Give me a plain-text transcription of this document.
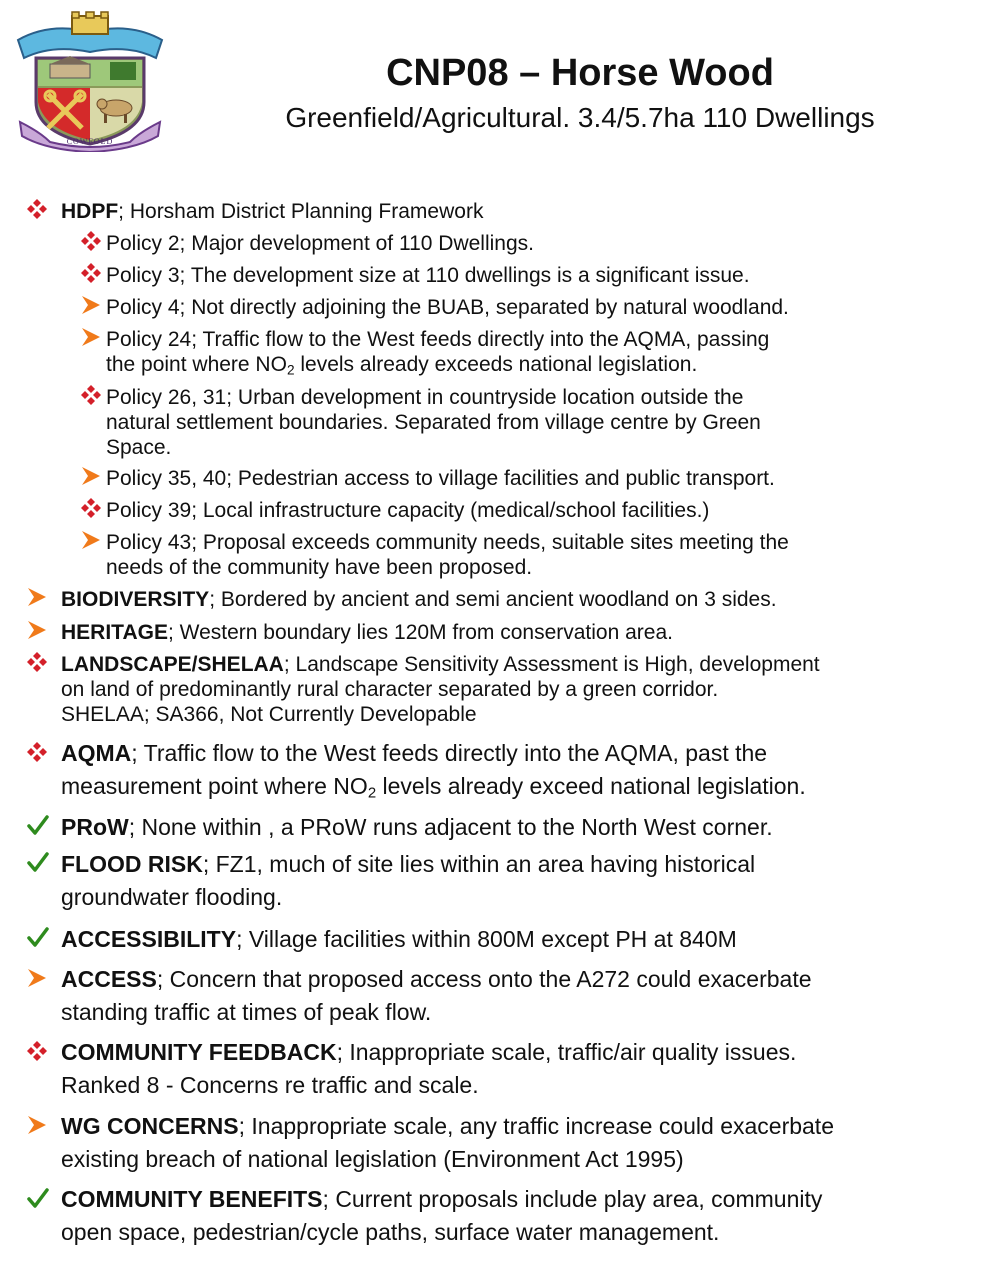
COWFOLD
CNP08 – Horse Wood
Greenfield/Agricultural. 3.4/5.7ha 110 Dwellings
HDPF; Horsham District Planning Framework
Policy 2; Major development of 110 Dwellings.
Policy 3; The development size at 110 dwellings is a significant issue.
Policy 4; Not directly adjoining the BUAB, separated by natural woodland.
Policy 24; Traffic flow to the West feeds directly into the AQMA, passing
the point where $NO_2$ levels already exceeds national legislation.
Policy 26, 31; Urban development in countryside location outside the
natural settlement boundaries. Separated from village centre by Green
Space.
Policy 35, 40; Pedestrian access to village facilities and public transport.
Policy 39; Local infrastructure capacity (medical/school facilities.)
Policy 43; Proposal exceeds community needs, suitable sites meeting the
needs of the community have been proposed.
BIODIVERSITY; Bordered by ancient and semi ancient woodland on 3 sides.
HERITAGE; Western boundary lies 120M from conservation area.
LANDSCAPE/SHELAA; Landscape Sensitivity Assessment is High, development
on land of predominantly rural character separated by a green corridor.
SHELAA; SA366, Not Currently Developable
AQMA; Traffic flow to the West feeds directly into the AQMA, past the
measurement point where $NO_2$ levels already exceed national legislation.
PRoW; None within , a PRoW runs adjacent to the North West corner.
FLOOD RISK; FZ1, much of site lies within an area having historical
groundwater flooding.
ACCESSIBILITY; Village facilities within 800M except PH at 840M
ACCESS; Concern that proposed access onto the A272 could exacerbate
standing traffic at times of peak flow.
COMMUNITY FEEDBACK; Inappropriate scale, traffic/air quality issues.
Ranked 8 - Concerns re traffic and scale.
WG CONCERNS; Inappropriate scale, any traffic increase could exacerbate
existing breach of national legislation (Environment Act 1995)
COMMUNITY BENEFITS; Current proposals include play area, community
open space, pedestrian/cycle paths, surface water management.
